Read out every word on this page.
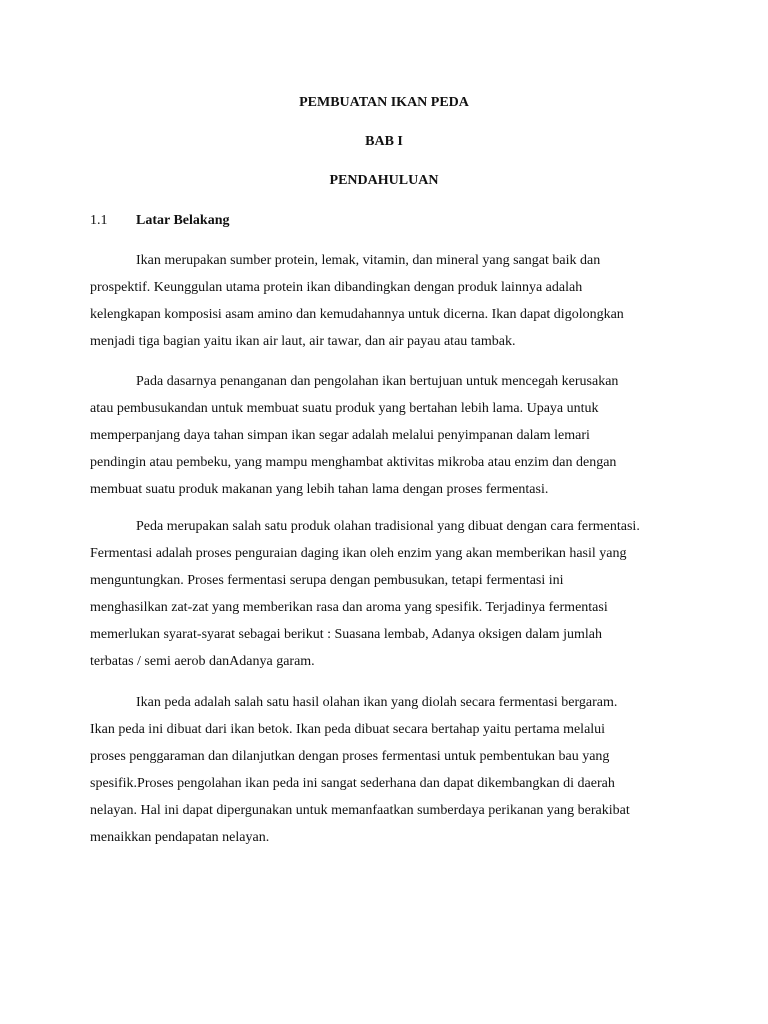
PEMBUATAN IKAN PEDA
BAB I
PENDAHULUAN
1.1 Latar Belakang
Ikan merupakan sumber protein, lemak, vitamin, dan mineral yang sangat baik dan
prospektif. Keunggulan utama protein ikan dibandingkan dengan produk lainnya adalah
kelengkapan komposisi asam amino dan kemudahannya untuk dicerna. Ikan dapat digolongkan
menjadi tiga bagian yaitu ikan air laut, air tawar, dan air payau atau tambak.
Pada dasarnya penanganan dan pengolahan ikan bertujuan untuk mencegah kerusakan
atau pembusukandan untuk membuat suatu produk yang bertahan lebih lama. Upaya untuk
memperpanjang daya tahan simpan ikan segar adalah melalui penyimpanan dalam lemari
pendingin atau pembeku, yang mampu menghambat aktivitas mikroba atau enzim dan dengan
membuat suatu produk makanan yang lebih tahan lama dengan proses fermentasi.
Peda merupakan salah satu produk olahan tradisional yang dibuat dengan cara fermentasi.
Fermentasi adalah proses penguraian daging ikan oleh enzim yang akan memberikan hasil yang
menguntungkan. Proses fermentasi serupa dengan pembusukan, tetapi fermentasi ini
menghasilkan zat-zat yang memberikan rasa dan aroma yang spesifik. Terjadinya fermentasi
memerlukan syarat-syarat sebagai berikut : Suasana lembab, Adanya oksigen dalam jumlah
terbatas / semi aerob danAdanya garam.
Ikan peda adalah salah satu hasil olahan ikan yang diolah secara fermentasi bergaram.
Ikan peda ini dibuat dari ikan betok. Ikan peda dibuat secara bertahap yaitu pertama melalui
proses penggaraman dan dilanjutkan dengan proses fermentasi untuk pembentukan bau yang
spesifik.Proses pengolahan ikan peda ini sangat sederhana dan dapat dikembangkan di daerah
nelayan. Hal ini dapat dipergunakan untuk memanfaatkan sumberdaya perikanan yang berakibat
menaikkan pendapatan nelayan.
